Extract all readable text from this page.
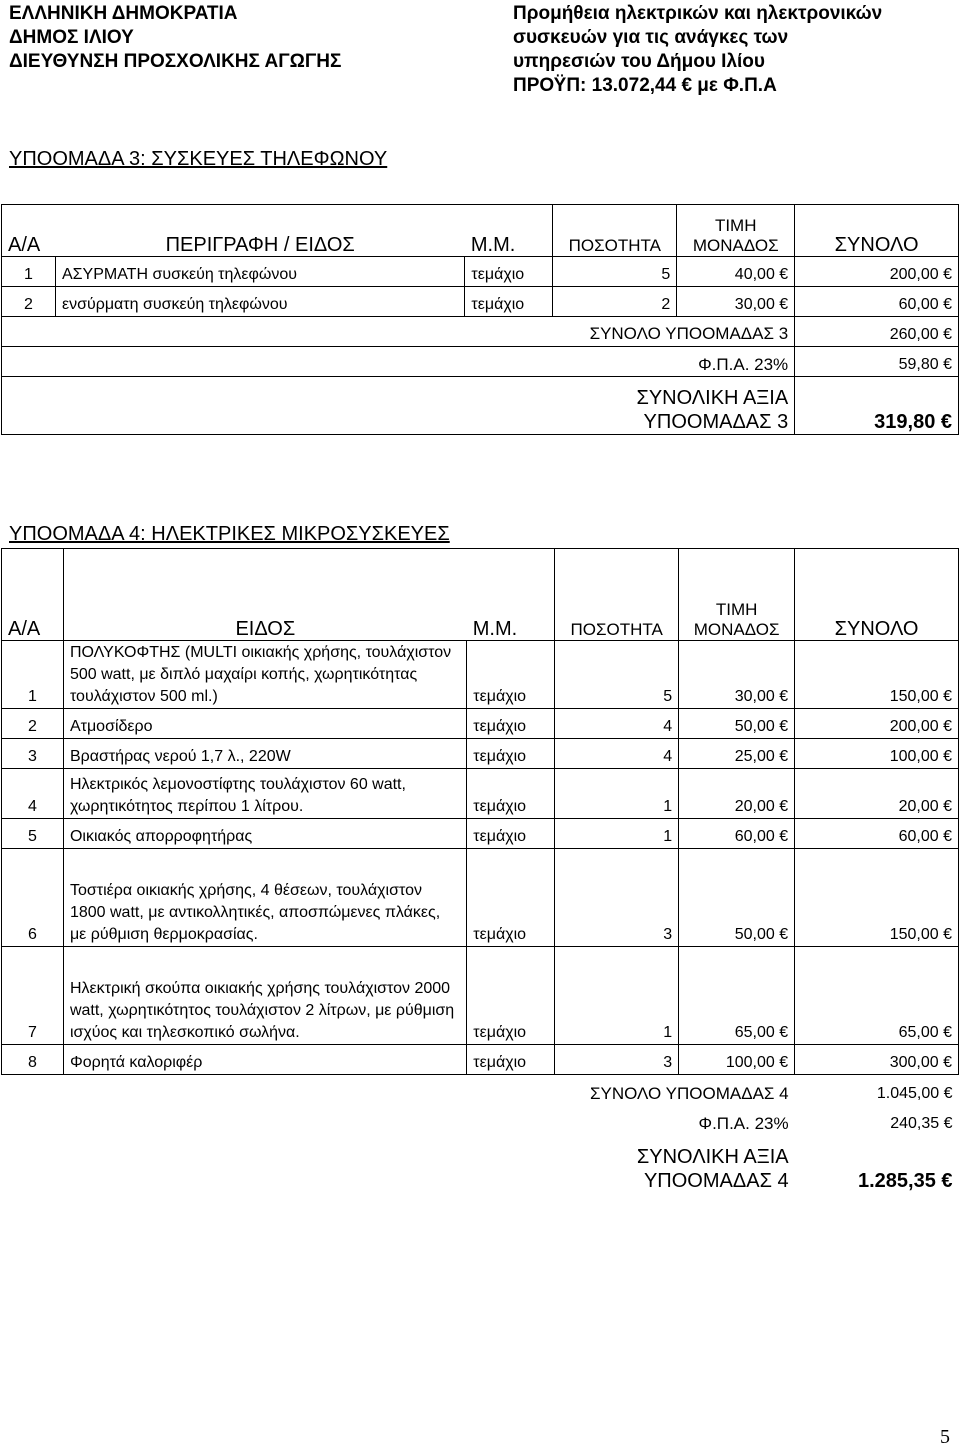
ΕΛΛΗΝΙΚΗ ΔΗΜΟΚΡΑΤΙΑ
ΔΗΜΟΣ ΙΛΙΟΥ
ΔΙΕΥΘΥΝΣΗ ΠΡΟΣΧΟΛΙΚΗΣ ΑΓΩΓΗΣ
Προμήθεια ηλεκτρικών και ηλεκτρονικών
συσκευών για τις ανάγκες των
υπηρεσιών του Δήμου Ιλίου
ΠΡΟΫΠ: 13.072,44 € με Φ.Π.Α
ΥΠΟΟΜΑΔΑ 3: ΣΥΣΚΕΥΕΣ ΤΗΛΕΦΩΝΟΥ
Α/Α	ΠΕΡΙΓΡΑΦΗ / ΕΙΔΟΣ	Μ.Μ.	ΠΟΣΟΤΗΤΑ	ΤΙΜΗ
ΜΟΝΑΔΟΣ	ΣΥΝΟΛΟ
1	ΑΣΥΡΜΑΤΗ συσκεύη τηλεφώνου	τεμάχιο	5	40,00 €	200,00 €
2	ενσύρματη συσκεύη τηλεφώνου	τεμάχιο	2	30,00 €	60,00 €
			ΣΥΝΟΛΟ ΥΠΟΟΜΑΔΑΣ 3		260,00 €
			Φ.Π.Α. 23%		59,80 €

			ΣΥΝΟΛΙΚΗ ΑΞΙΑ
ΥΠΟΟΜΑΔΑΣ 3		319,80 €
ΥΠΟΟΜΑΔΑ 4: ΗΛΕΚΤΡΙΚΕΣ ΜΙΚΡΟΣΥΣΚΕΥΕΣ
Α/Α	ΕΙΔΟΣ	Μ.Μ.	ΠΟΣΟΤΗΤΑ	ΤΙΜΗ
ΜΟΝΑΔΟΣ	ΣΥΝΟΛΟ
1	ΠΟΛΥΚΟΦΤΗΣ (MULTI οικιακής χρήσης, τουλάχιστον 500 watt, με διπλό μαχαίρι κοπής, χωρητικότητας τουλάχιστον 500 ml.)	τεμάχιο	5	30,00 €	150,00 €
2	Ατμοσίδερο	τεμάχιο	4	50,00 €	200,00 €
3	Βραστήρας νερού 1,7 λ., 220W	τεμάχιο	4	25,00 €	100,00 €
4	Ηλεκτρικός λεμονοστίφτης τουλάχιστον 60 watt, χωρητικότητος περίπου 1 λίτρου.	τεμάχιο	1	20,00 €	20,00 €
5	Οικιακός απορροφητήρας	τεμάχιο	1	60,00 €	60,00 €
6	Τοστιέρα οικιακής χρήσης, 4 θέσεων, τουλάχιστον 1800 watt, με αντικολλητικές, αποσπώμενες πλάκες, με ρύθμιση θερμοκρασίας.	τεμάχιο	3	50,00 €	150,00 €
7	Ηλεκτρική σκούπα οικιακής χρήσης τουλάχιστον 2000 watt, χωρητικότητος τουλάχιστον 2 λίτρων, με ρύθμιση ισχύος και τηλεσκοπικό σωλήνα.	τεμάχιο	1	65,00 €	65,00 €
8	Φορητά καλοριφέρ	τεμάχιο	3	100,00 €	300,00 €
			ΣΥΝΟΛΟ ΥΠΟΟΜΑΔΑΣ 4		1.045,00 €
			Φ.Π.Α. 23%		240,35 €

			ΣΥΝΟΛΙΚΗ ΑΞΙΑ
ΥΠΟΟΜΑΔΑΣ 4		1.285,35 €
5
